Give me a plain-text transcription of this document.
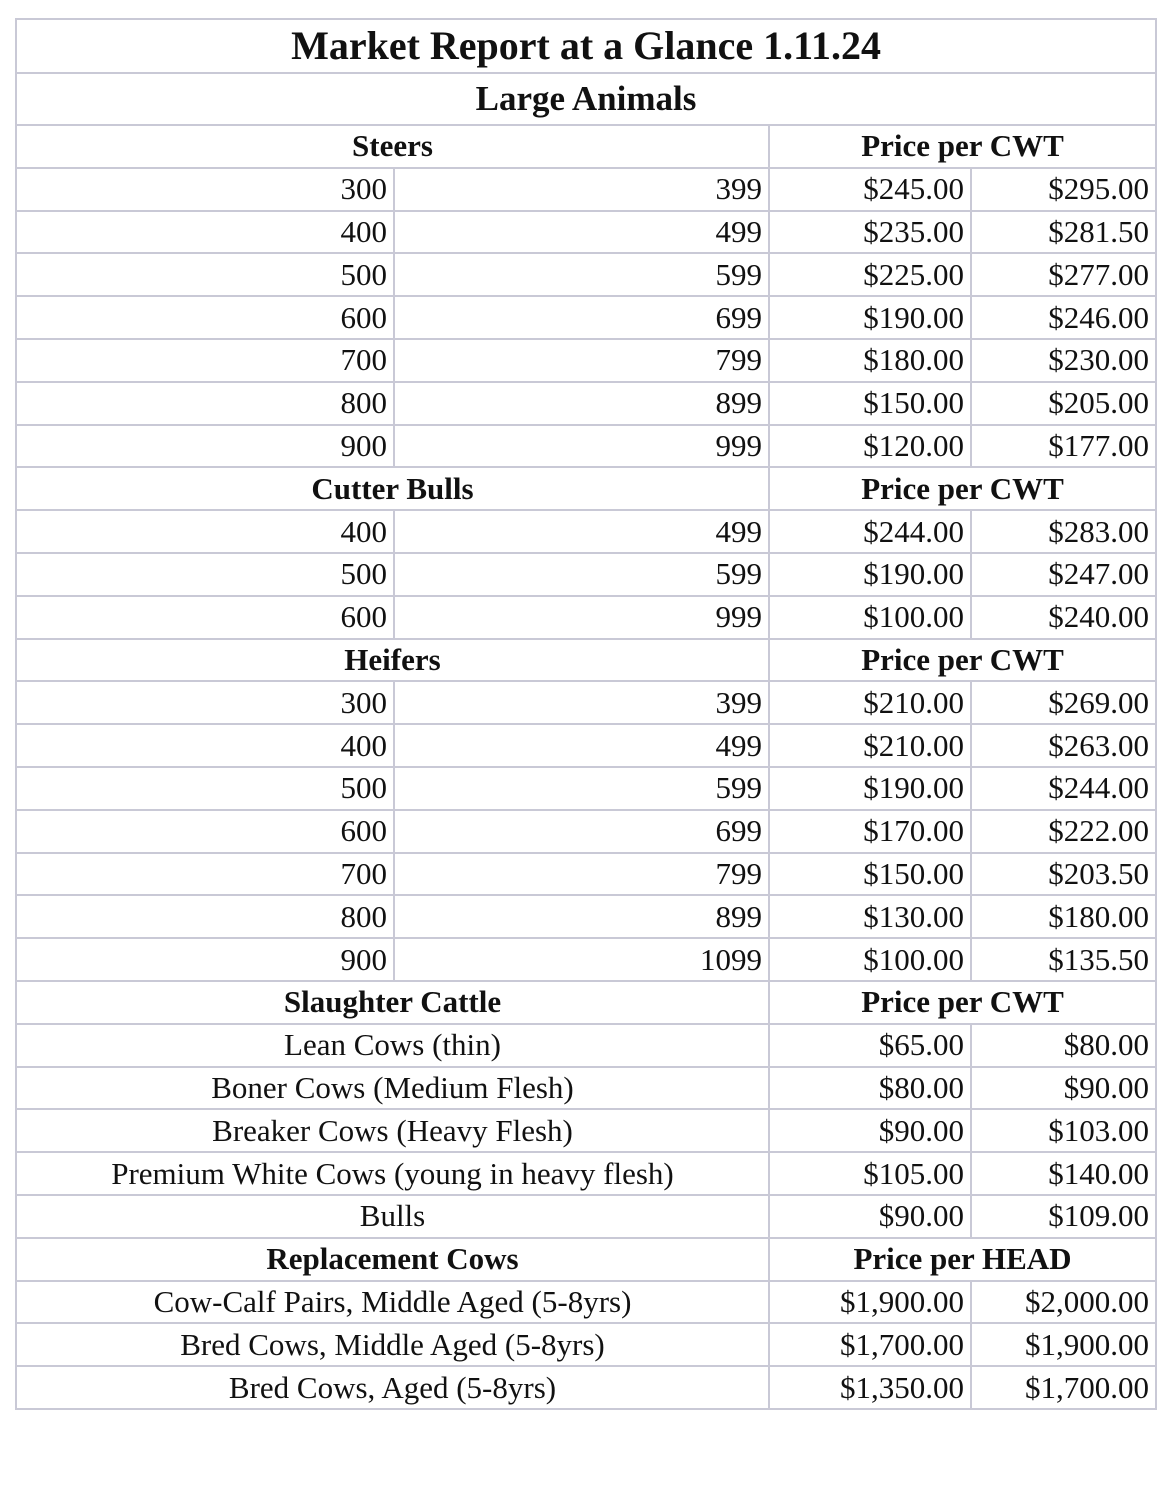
Market Report at a Glance 1.11.24			
Large Animals			
Steers		Price per CWT	
300	399	$245.00	$295.00
400	499	$235.00	$281.50
500	599	$225.00	$277.00
600	699	$190.00	$246.00
700	799	$180.00	$230.00
800	899	$150.00	$205.00
900	999	$120.00	$177.00
Cutter Bulls		Price per CWT	
400	499	$244.00	$283.00
500	599	$190.00	$247.00
600	999	$100.00	$240.00
Heifers		Price per CWT	
300	399	$210.00	$269.00
400	499	$210.00	$263.00
500	599	$190.00	$244.00
600	699	$170.00	$222.00
700	799	$150.00	$203.50
800	899	$130.00	$180.00
900	1099	$100.00	$135.50
Slaughter Cattle		Price per CWT	
Lean Cows (thin)		$65.00	$80.00
Boner Cows (Medium Flesh)		$80.00	$90.00
Breaker Cows (Heavy Flesh)		$90.00	$103.00
Premium White Cows (young in heavy flesh)		$105.00	$140.00
Bulls		$90.00	$109.00
Replacement Cows		Price per HEAD	
Cow-Calf Pairs, Middle Aged (5-8yrs)		$1,900.00	$2,000.00
Bred Cows, Middle Aged (5-8yrs)		$1,700.00	$1,900.00
Bred Cows, Aged (5-8yrs)		$1,350.00	$1,700.00
